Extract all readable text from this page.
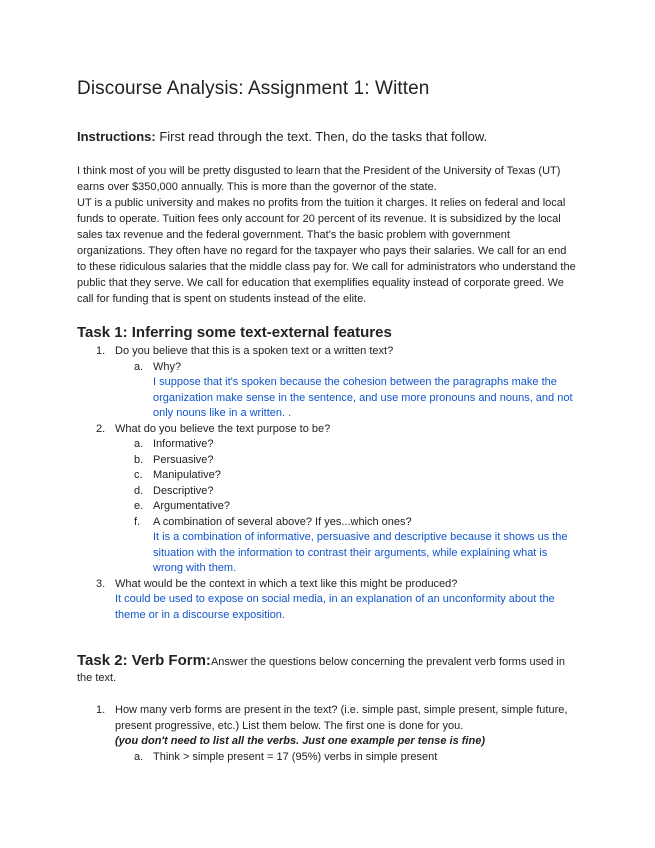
Discourse Analysis: Assignment 1: Witten
Instructions: First read through the text. Then, do the tasks that follow.

I think most of you will be pretty disgusted to learn that the President of the University of Texas (UT) earns over $350,000 annually. This is more than the governor of the state.

UT is a public university and makes no profits from the tuition it charges. It relies on federal and local funds to operate. Tuition fees only account for 20 percent of its revenue. It is subsidized by the local sales tax revenue and the federal government. That's the basic problem with government organizations. They often have no regard for the taxpayer who pays their salaries. We call for an end to these ridiculous salaries that the middle class pay for. We call for administrators who understand the public that they serve. We call for education that exemplifies equality instead of corporate greed. We call for funding that is spent on students instead of the elite.

Task 1: Inferring some text-external features
1. Do you believe that this is a spoken text or a written text?
a. Why?
I suppose that it's spoken because the cohesion between the paragraphs make the organization make sense in the sentence, and use more pronouns and nouns, and not only nouns like in a written. .
2. What do you believe the text purpose to be?
a. Informative?
b. Persuasive?
c. Manipulative?
d. Descriptive?
e. Argumentative?
f. A combination of several above? If yes...which ones?
It is a combination of informative, persuasive and descriptive because it shows us the situation with the information to contrast their arguments, while explaining what is wrong with them.
3. What would be the context in which a text like this might be produced?
It could be used to expose on social media, in an explanation of an unconformity about the theme or in a discourse exposition.
Task 2: Verb Form:Answer the questions below concerning the prevalent verb forms used in the text.
1. How many verb forms are present in the text? (i.e. simple past, simple present, simple future, present progressive, etc.) List them below. The first one is done for you.
(you don't need to list all the verbs. Just one example per tense is fine)
a. Think > simple present = 17 (95%) verbs in simple present
